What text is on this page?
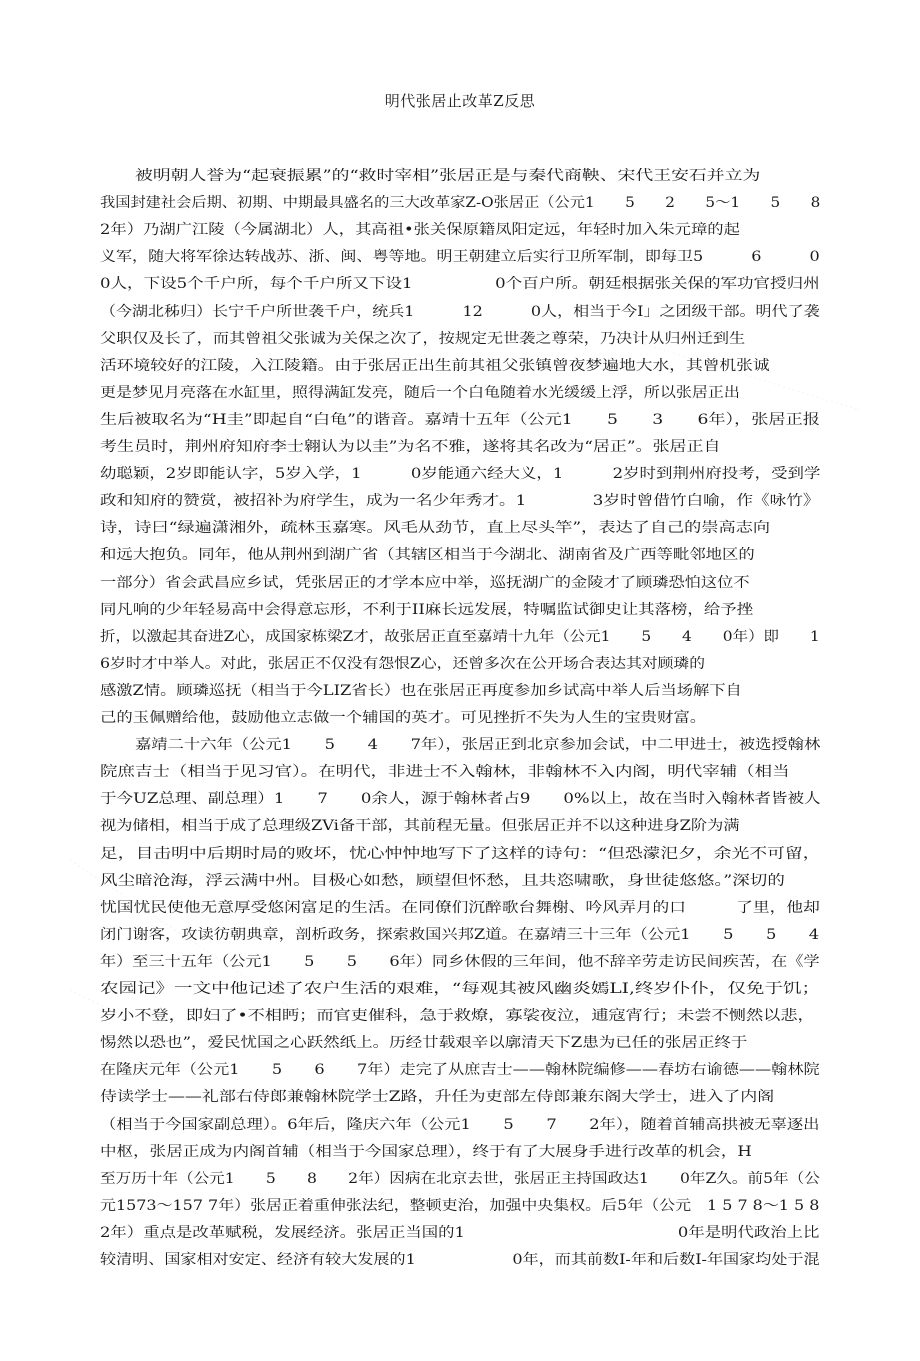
明代张居止改革Z反思
被明朝人誉为“起衰振累”的“救时宰相”张居正是与秦代商鞅、宋代王安石并立为
我国封建社会后期、初期、中期最具盛名的三大改革家Z-O张居正（公元1　　5　　2　　5～1　　5　　8
2年）乃湖广江陵（今属湖北）人，其高祖•张关保原籍凤阳定远，年轻时加入朱元璋的起
义军，随大将军徐达转战苏、浙、闽、粤等地。明王朝建立后实行卫所军制，即每卫5　　　6　　　0
0人，下设5个千户所，每个千户所又下设1　　　　　0个百户所。朝廷根据张关保的军功官授归州
（今湖北秭归）长宁千户所世袭千户，统兵1　　　12　　　0人，相当于今I」之团级干部。明代了袭
父职仅及长了，而其曾祖父张诚为关保之次了，按规定无世袭之尊荣，乃决计从归州迁到生
活环境较好的江陵，入江陵籍。由于张居正出生前其祖父张镇曾夜梦遍地大水，其曾机张诚
更是梦见月亮落在水缸里，照得满缸发亮，随后一个白龟随着水光缓缓上浮，所以张居正出
生后被取名为“H圭”即起自“白龟”的谐音。嘉靖十五年（公元1　　5　　3　　6年），张居正报
考生员时，荆州府知府李士翱认为以圭”为名不雅，遂将其名改为“居正”。张居正自
幼聪颖，2岁即能认字，5岁入学，1　　　0岁能通六经大义，1　　　2岁时到荆州府投考，受到学
政和知府的赞赏，被招补为府学生，成为一名少年秀才。1　　　　3岁时曾借竹白喻，作《咏竹》
诗，诗曰“绿遍潇湘外，疏林玉嘉寒。风毛从劲节，直上尽头竿”，表达了自己的崇高志向
和远大抱负。同年，他从荆州到湖广省（其辖区相当于今湖北、湖南省及广西等毗邻地区的
一部分）省会武昌应乡试，凭张居正的才学本应中举，巡抚湖广的金陵才了顾璘恐怕这位不
同凡响的少年轻易高中会得意忘形，不利于II麻长远发展，特嘱监试御史让其落榜，给予挫
折，以激起其奋进Z心，成国家栋梁Z才，故张居正直至嘉靖十九年（公元1　　5　　4　　0年）即　　1
6岁时才中举人。对此，张居正不仅没有怨恨Z心，还曾多次在公开场合表达其对顾璘的
感激Z情。顾璘巡抚（相当于今LIZ省长）也在张居正再度参加乡试高中举人后当场解下自
己的玉佩赠给他，鼓励他立志做一个辅国的英才。可见挫折不失为人生的宝贵财富。
嘉靖二十六年（公元1　　5　　4　　7年），张居正到北京参加会试，中二甲进士，被选授翰林
院庶吉士（相当于见习官）。在明代，非进士不入翰林，非翰林不入内阁，明代宰辅（相当
于今UZ总理、副总理）1　　7　　0余人，源于翰林者占9　　0%以上，故在当时入翰林者皆被人
视为储相，相当于成了总理级ZVi备干部，其前程无量。但张居正并不以这种进身Z阶为满
足，目击明中后期时局的败坏，忧心忡忡地写下了这样的诗句：“但恐濛汜夕，余光不可留，
风尘暗沧海，浮云满中州。目极心如愁，顾望但怀愁，且共恣啸歌，身世徒悠悠。”深切的
忧国忧民使他无意厚受悠闲富足的生活。在同僚们沉醉歌台舞榭、吟风弄月的口　　　了里，他却
闭门谢客，攻读彷朝典章，剖析政务，探索救国兴邦Z道。在嘉靖三十三年（公元1　　5　　5　　4
年）至三十五年（公元1　　5　　5　　6年）同乡休假的三年间，他不辞辛劳走访民间疾苦，在《学
农园记》一文中他记述了农户生活的艰难，“每观其被风幽炎嫣LI,终岁仆仆，仅免于饥；
岁小不登，即妇了•不相眄；而官吏催科，急于救燎，寡裟夜泣，逋寇宵行；未尝不恻然以悲，
惕然以恐也”，爱民忧国之心跃然纸上。历经廿载艰辛以廓清天下Z患为已任的张居正终于
在隆庆元年（公元1　　5　　6　　7年）走完了从庶吉士——翰林院编修——春坊右谕德——翰林院
侍读学士——礼部右侍郎兼翰林院学士Z路，升任为吏部左侍郎兼东阁大学士，进入了内阁
（相当于今国家副总理）。6年后，隆庆六年（公元1　　5　　7　　2年），随着首辅高拱被无辜逐出
中枢，张居正成为内阁首辅（相当于今国家总理），终于有了大展身手进行改革的机会，H
至万历十年（公元1　　5　　8　　2年）因病在北京去世，张居正主持国政达1　　0年Z久。前5年（公
元1573～157 7年）张居正着重伸张法纪，整顿吏治，加强中央集权。后5年（公元　1 5 7 8～1 5 8
2年）重点是改革赋税，发展经济。张居正当国的1　　　　　　　　　　　　　0年是明代政治上比
较清明、国家相对安定、经济有较大发展的1　　　　　　0年，而其前数I-年和后数I-年国家均处于混
